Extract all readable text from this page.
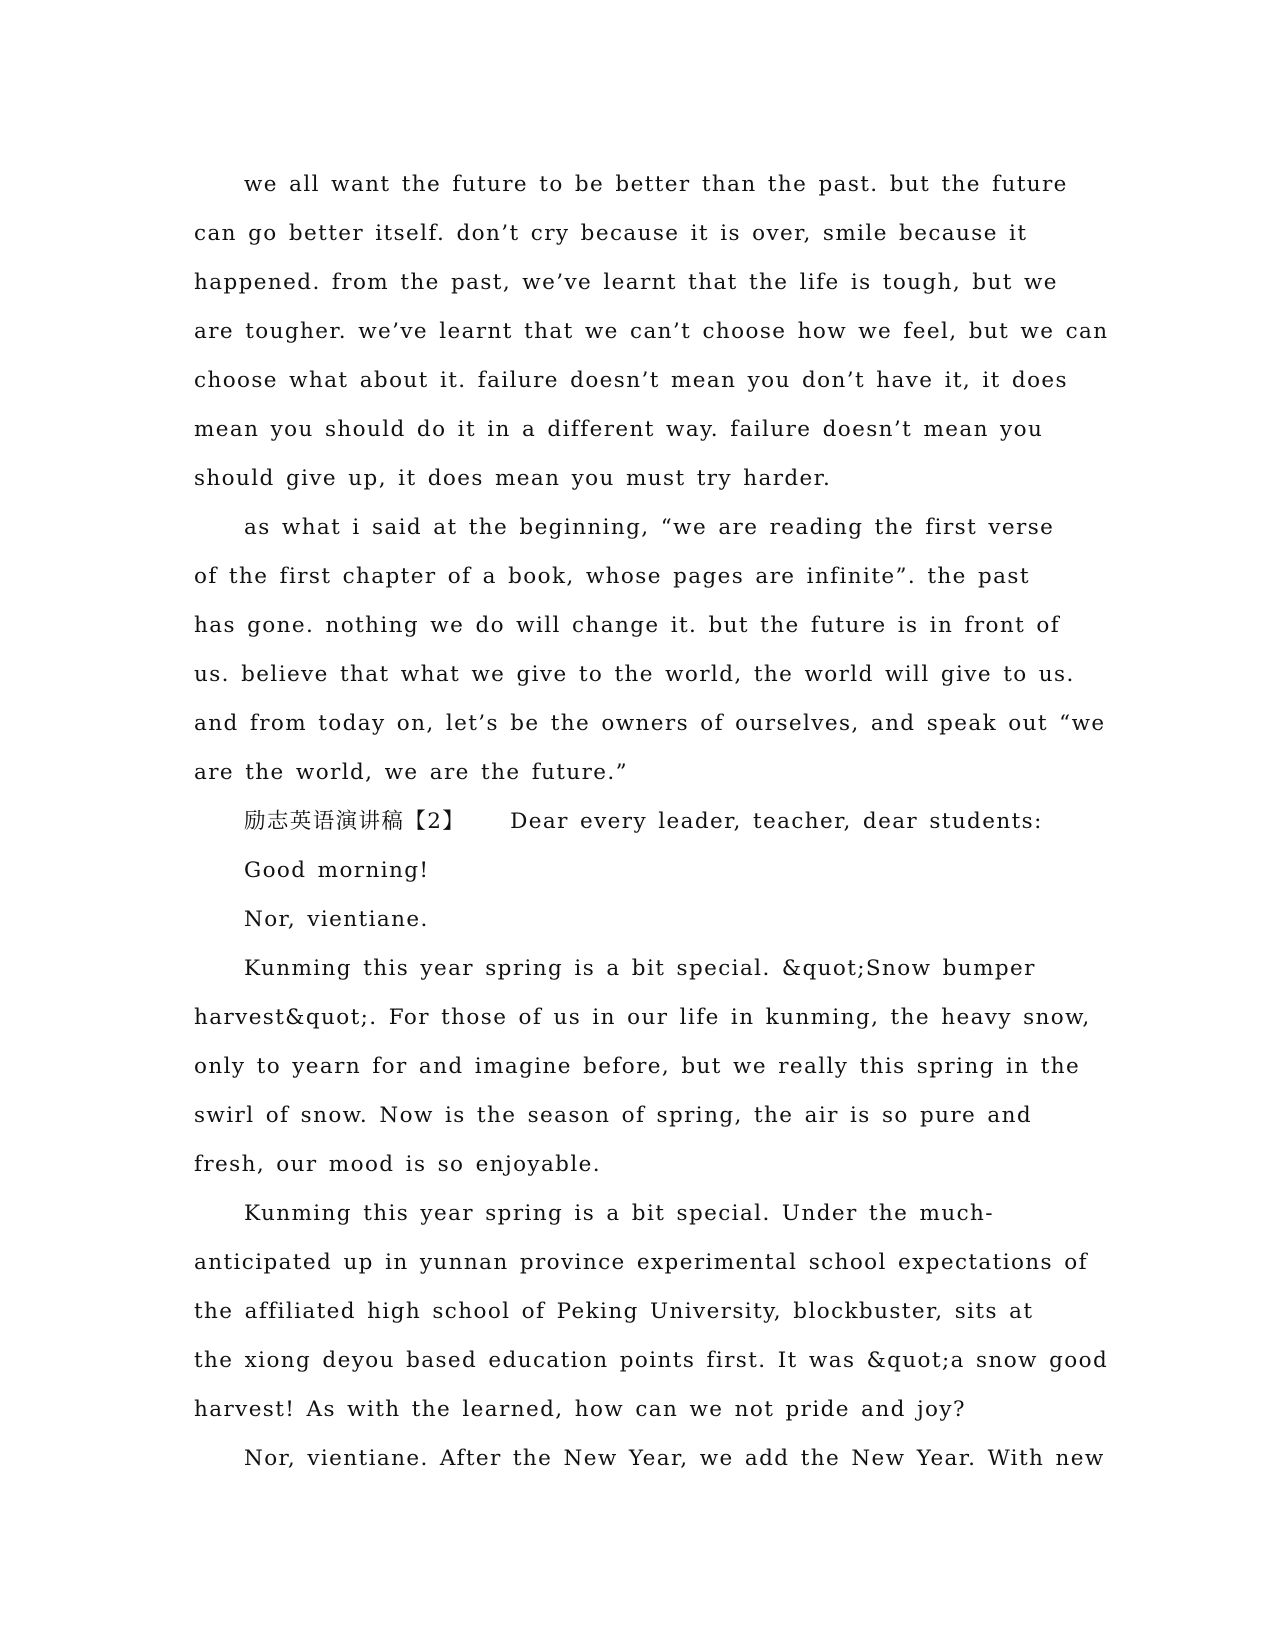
we all want the future to be better than the past. but the future
can go better itself. don’t cry because it is over, smile because it
happened. from the past, we’ve learnt that the life is tough, but we
are tougher. we’ve learnt that we can’t choose how we feel, but we can
choose what about it. failure doesn’t mean you don’t have it, it does
mean you should do it in a different way. failure doesn’t mean you
should give up, it does mean you must try harder.
as what i said at the beginning, “we are reading the first verse
of the first chapter of a book, whose pages are infinite”. the past
has gone. nothing we do will change it. but the future is in front of
us. believe that what we give to the world, the world will give to us.
and from today on, let’s be the owners of ourselves, and speak out “we
are the world, we are the future.”
励志英语演讲稿【2】    Dear every leader, teacher, dear students:
Good morning!
Nor, vientiane.
Kunming this year spring is a bit special. &quot;Snow bumper
harvest&quot;. For those of us in our life in kunming, the heavy snow,
only to yearn for and imagine before, but we really this spring in the
swirl of snow. Now is the season of spring, the air is so pure and
fresh, our mood is so enjoyable.
Kunming this year spring is a bit special. Under the much-
anticipated up in yunnan province experimental school expectations of
the affiliated high school of Peking University, blockbuster, sits at
the xiong deyou based education points first. It was &quot;a snow good
harvest! As with the learned, how can we not pride and joy?
Nor, vientiane. After the New Year, we add the New Year. With new
